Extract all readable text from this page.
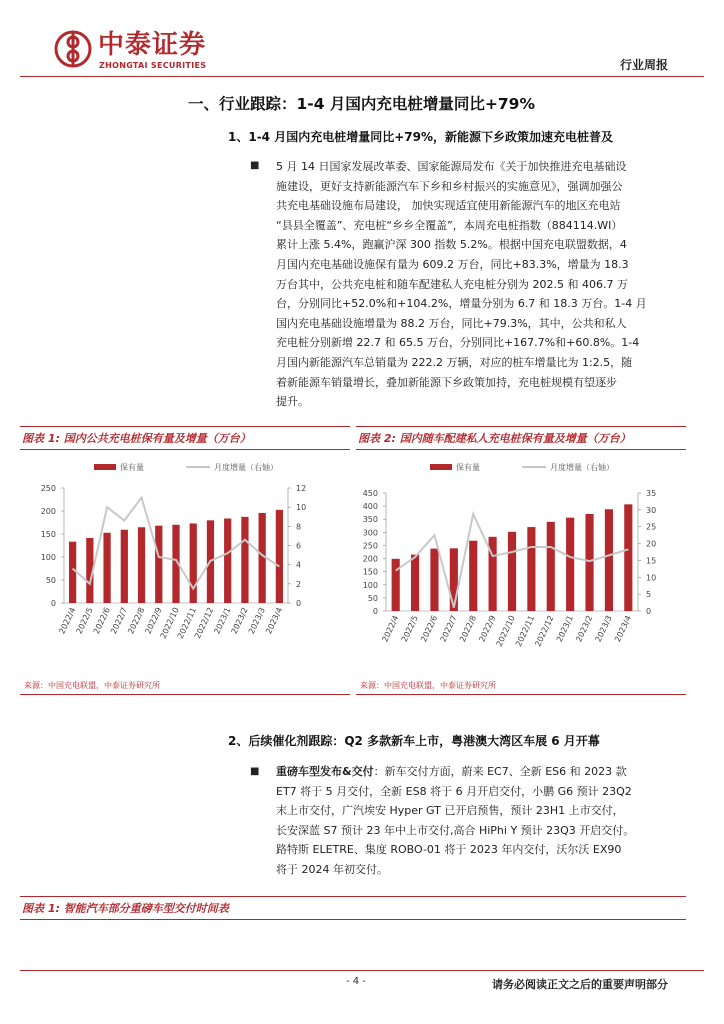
中泰证券
ZHONGTAI SECURITIES	行业周报
一、行业跟踪：1-4 月国内充电桩增量同比+79%
1、1-4 月国内充电桩增量同比+79%，新能源下乡政策加速充电桩普及
■ 5 月 14 日国家发展改革委、国家能源局发布《关于加快推进充电基础设
施建设，更好支持新能源汽车下乡和乡村振兴的实施意见》，强调加强公
共充电基础设施布局建设， 加快实现适宜使用新能源汽车的地区充电站
“县县全覆盖”、充电桩“乡乡全覆盖”，本周充电桩指数（884114.WI）
累计上涨 5.4%，跑赢沪深 300 指数 5.2%。根据中国充电联盟数据，4
月国内充电基础设施保有量为 609.2 万台，同比+83.3%，增量为 18.3
万台其中，公共充电桩和随车配建私人充电桩分别为 202.5 和 406.7 万
台，分别同比+52.0%和+104.2%，增量分别为 6.7 和 18.3 万台。1-4 月
国内充电基础设施增量为 88.2 万台，同比+79.3%，其中，公共和私人
充电桩分别新增 22.7 和 65.5 万台，分别同比+167.7%和+60.8%。1-4
月国内新能源汽车总销量为 222.2 万辆，对应的桩车增量比为 1:2.5，随
着新能源车销量增长，叠加新能源下乡政策加持，充电桩规模有望逐步
提升。
图表 1: 国内公共充电桩保有量及增量（万台）	图表 2: 国内随车配建私人充电桩保有量及增量（万台）
保有量	月度增量（右轴）
0
50
100
150
200
250
0
2
4
6
8
10
12
2022/4
2022/5
2022/6
2022/7
2022/8
2022/9
2022/10
2022/11
2022/12
2023/1
2023/2
2023/3
2023/4
保有量	月度增量（右轴）
0
50
100
150
200
250
300
350
400
450
0
5
10
15
20
25
30
35
2022/4 2022/5 2022/6 2022/7 2022/8 2022/9
2022/10
2022/11
2022/12 2023/1 2023/2 2023/3 2023/4
来源：中国充电联盟，中泰证券研究所	来源：中国充电联盟，中泰证券研究所
2、后续催化剂跟踪：Q2 多款新车上市，粤港澳大湾区车展 6 月开幕
■ 重磅车型发布&交付：新车交付方面，蔚来 EC7、全新 ES6 和 2023 款
ET7 将于 5 月交付，全新 ES8 将于 6 月开启交付，小鹏 G6 预计 23Q2
末上市交付，广汽埃安 Hyper GT 已开启预售，预计 23H1 上市交付，
长安深蓝 S7 预计 23 年中上市交付,高合 HiPhi Y 预计 23Q3 开启交付。
路特斯 ELETRE、集度 ROBO-01 将于 2023 年内交付，沃尔沃 EX90
将于 2024 年初交付。
图表 1: 智能汽车部分重磅车型交付时间表
- 4 -	请务必阅读正文之后的重要声明部分
